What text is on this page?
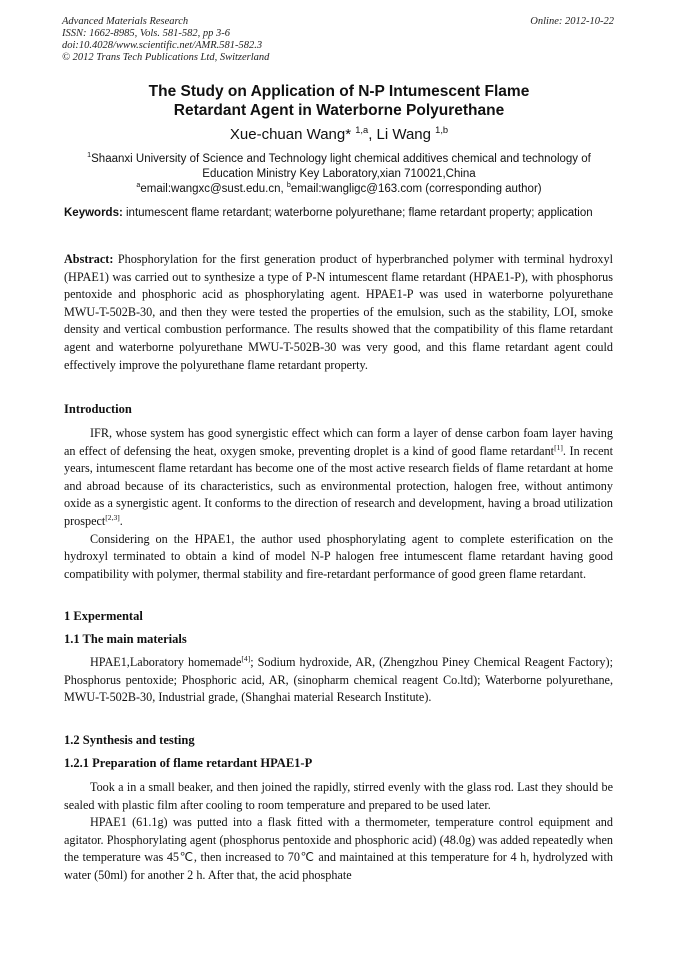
Advanced Materials Research
ISSN: 1662-8985, Vols. 581-582, pp 3-6
doi:10.4028/www.scientific.net/AMR.581-582.3
© 2012 Trans Tech Publications Ltd, Switzerland
Online: 2012-10-22
The Study on Application of N-P Intumescent Flame
Retardant Agent in Waterborne Polyurethane
Xue-chuan Wang* $^{1,a}$, Li Wang $^{1,b}$
$^1$Shaanxi University of Science and Technology light chemical additives chemical and technology of
Education Ministry Key Laboratory,xian 710021,China
$^a$email:wangxc@sust.edu.cn, $^b$email:wangligc@163.com (corresponding author)
Keywords: intumescent flame retardant; waterborne polyurethane; flame retardant property; application

Abstract: Phosphorylation for the first generation product of hyperbranched polymer with terminal hydroxyl (HPAE1) was carried out to synthesize a type of P-N intumescent flame retardant (HPAE1-P), with phosphorus pentoxide and phosphoric acid as phosphorylating agent. HPAE1-P was used in waterborne polyurethane MWU-T-502B-30, and then they were tested the properties of the emulsion, such as the stability, LOI, smoke density and vertical combustion performance. The results showed that the compatibility of this flame retardant agent and waterborne polyurethane MWU-T-502B-30 was very good, and this flame retardant agent could effectively improve the polyurethane flame retardant property.

Introduction

IFR, whose system has good synergistic effect which can form a layer of dense carbon foam layer having an effect of defensing the heat, oxygen smoke, preventing droplet is a kind of good flame retardant[1]. In recent years, intumescent flame retardant has become one of the most active research fields of flame retardant at home and abroad because of its characteristics, such as environmental protection, halogen free, without antimony oxide as a synergistic agent. It conforms to the direction of research and development, having a broad utilization prospect[2,3].

Considering on the HPAE1, the author used phosphorylating agent to complete esterification on the hydroxyl terminated to obtain a kind of model N-P halogen free intumescent flame retardant having good compatibility with polymer, thermal stability and fire-retardant performance of good green flame retardant.

1 Expermental
1.1 The main materials

HPAE1,Laboratory homemade[4]; Sodium hydroxide, AR, (Zhengzhou Piney Chemical Reagent Factory); Phosphorus pentoxide; Phosphoric acid, AR, (sinopharm chemical reagent Co.ltd); Waterborne polyurethane, MWU-T-502B-30, Industrial grade, (Shanghai material Research Institute).

1.2 Synthesis and testing
1.2.1 Preparation of flame retardant HPAE1-P

Took a in a small beaker, and then joined the rapidly, stirred evenly with the glass rod. Last they should be sealed with plastic film after cooling to room temperature and prepared to be used later.

HPAE1 (61.1g) was putted into a flask fitted with a thermometer, temperature control equipment and agitator. Phosphorylating agent (phosphorus pentoxide and phosphoric acid) (48.0g) was added repeatedly when the temperature was 45℃, then increased to 70℃ and maintained at this temperature for 4 h, hydrolyzed with water (50ml) for another 2 h. After that, the acid phosphate
